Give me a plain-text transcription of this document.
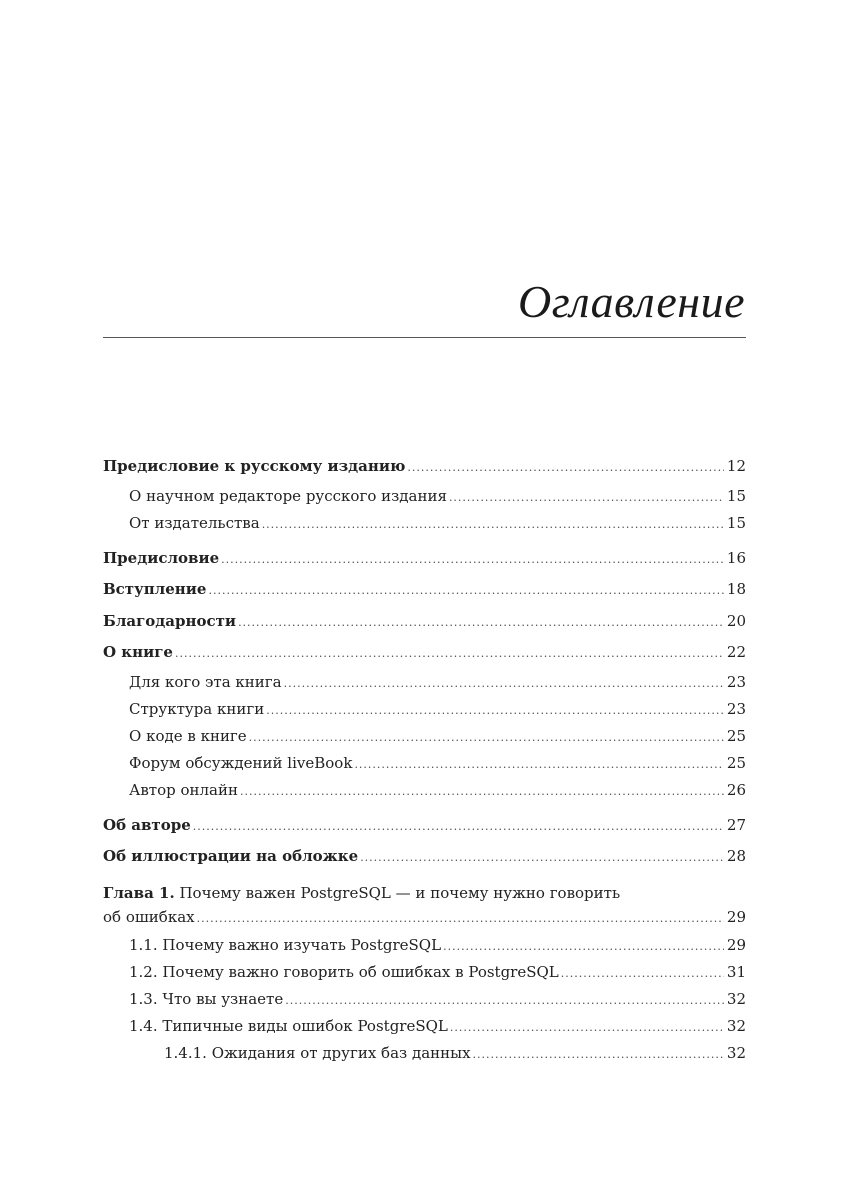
Оглавление
Предисловие к русскому изданию .....	12
О научном редакторе русского издания .....	15
От издательства .....	15
Предисловие .....	16
Вступление .....	18
Благодарности .....	20
О книге .....	22
Для кого эта книга .....	23
Структура книги .....	23
О коде в книге .....	25
Форум обсуждений liveBook .....	25
Автор онлайн .....	26
Об авторе .....	27
Об иллюстрации на обложке .....	28
Глава 1. Почему важен PostgreSQL — и почему нужно говорить
об ошибках .....	29
1.1. Почему важно изучать PostgreSQL .....	29
1.2. Почему важно говорить об ошибках в PostgreSQL .....	31
1.3. Что вы узнаете .....	32
1.4. Типичные виды ошибок PostgreSQL .....	32
1.4.1. Ожидания от других баз данных .....	32
